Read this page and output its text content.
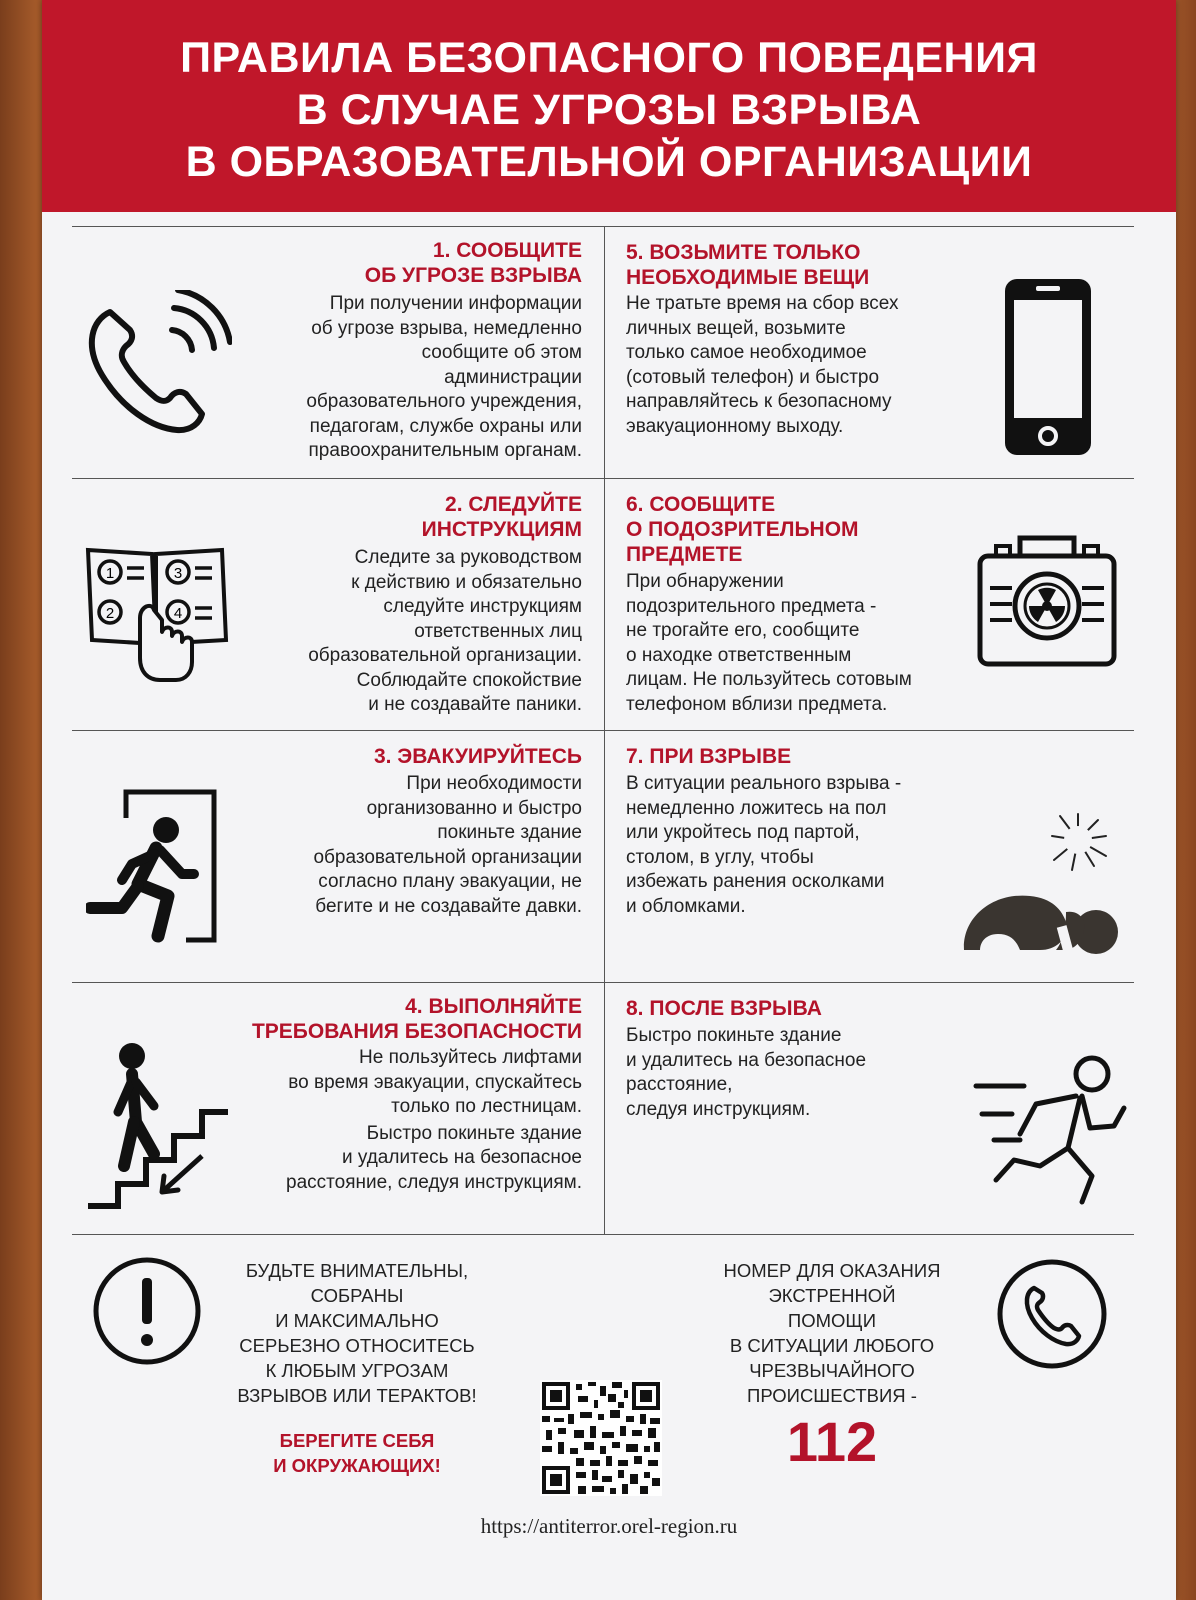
ПРАВИЛА БЕЗОПАСНОГО ПОВЕДЕНИЯ
В СЛУЧАЕ УГРОЗЫ ВЗРЫВА
В ОБРАЗОВАТЕЛЬНОЙ ОРГАНИЗАЦИИ
1. СООБЩИТЕ
ОБ УГРОЗЕ ВЗРЫВА
При получении информации
об угрозе взрыва, немедленно
сообщите об этом
администрации
образовательного учреждения,
педагогам, службе охраны или
правоохранительным органам.
2. СЛЕДУЙТЕ
ИНСТРУКЦИЯМ
Следите за руководством
к действию и обязательно
следуйте инструкциям
ответственных лиц
образовательной организации.
Соблюдайте спокойствие
и не создавайте паники.
1
2
3
4
3. ЭВАКУИРУЙТЕСЬ
При необходимости
организованно и быстро
покиньте здание
образовательной организации
согласно плану эвакуации, не
бегите и не создавайте давки.
4. ВЫПОЛНЯЙТЕ
ТРЕБОВАНИЯ БЕЗОПАСНОСТИ
Не пользуйтесь лифтами
во время эвакуации, спускайтесь
только по лестницам.
Быстро покиньте здание
и удалитесь на безопасное
расстояние, следуя инструкциям.
5. ВОЗЬМИТЕ ТОЛЬКО
НЕОБХОДИМЫЕ ВЕЩИ
Не тратьте время на сбор всех
личных вещей, возьмите
только самое необходимое
(сотовый телефон) и быстро
направляйтесь к безопасному
эвакуационному выходу.
6. СООБЩИТЕ
О ПОДОЗРИТЕЛЬНОМ
ПРЕДМЕТЕ
При обнаружении
подозрительного предмета -
не трогайте его, сообщите
о находке ответственным
лицам. Не пользуйтесь сотовым
телефоном вблизи предмета.
7. ПРИ ВЗРЫВЕ
В ситуации реального взрыва -
немедленно ложитесь на пол
или укройтесь под партой,
столом, в углу, чтобы
избежать ранения осколками
и обломками.
8. ПОСЛЕ ВЗРЫВА
Быстро покиньте здание
и удалитесь на безопасное
расстояние,
следуя инструкциям.
БУДЬТЕ ВНИМАТЕЛЬНЫ,
СОБРАНЫ
И МАКСИМАЛЬНО
СЕРЬЕЗНО ОТНОСИТЕСЬ
К ЛЮБЫМ УГРОЗАМ
ВЗРЫВОВ ИЛИ ТЕРАКТОВ!
БЕРЕГИТЕ СЕБЯ
И ОКРУЖАЮЩИХ!
НОМЕР ДЛЯ ОКАЗАНИЯ
ЭКСТРЕННОЙ
ПОМОЩИ
В СИТУАЦИИ ЛЮБОГО
ЧРЕЗВЫЧАЙНОГО
ПРОИСШЕСТВИЯ -
112
https://antiterror.orel-region.ru
